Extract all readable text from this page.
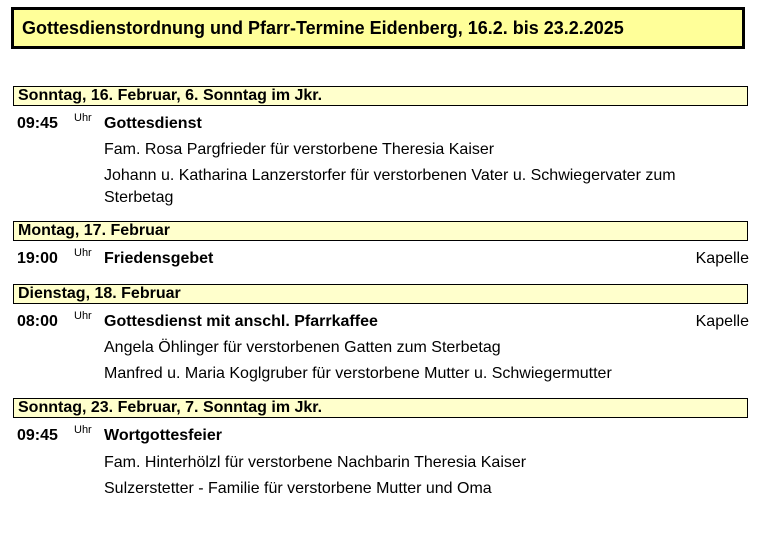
Gottesdienstordnung und Pfarr-Termine Eidenberg, 16.2. bis 23.2.2025
Sonntag, 16. Februar, 6. Sonntag im Jkr.
09:45 Uhr Gottesdienst
Fam. Rosa Pargfrieder für verstorbene Theresia Kaiser
Johann u. Katharina Lanzerstorfer für verstorbenen Vater u. Schwiegervater zum Sterbetag
Montag, 17. Februar
19:00 Uhr Friedensgebet	Kapelle
Dienstag, 18. Februar
08:00 Uhr Gottesdienst mit anschl. Pfarrkaffee	Kapelle
Angela Öhlinger für verstorbenen Gatten zum Sterbetag
Manfred u. Maria Koglgruber für verstorbene Mutter u. Schwiegermutter
Sonntag, 23. Februar, 7. Sonntag im Jkr.
09:45 Uhr Wortgottesfeier
Fam. Hinterhölzl für verstorbene Nachbarin Theresia Kaiser
Sulzerstetter - Familie für verstorbene Mutter und Oma
